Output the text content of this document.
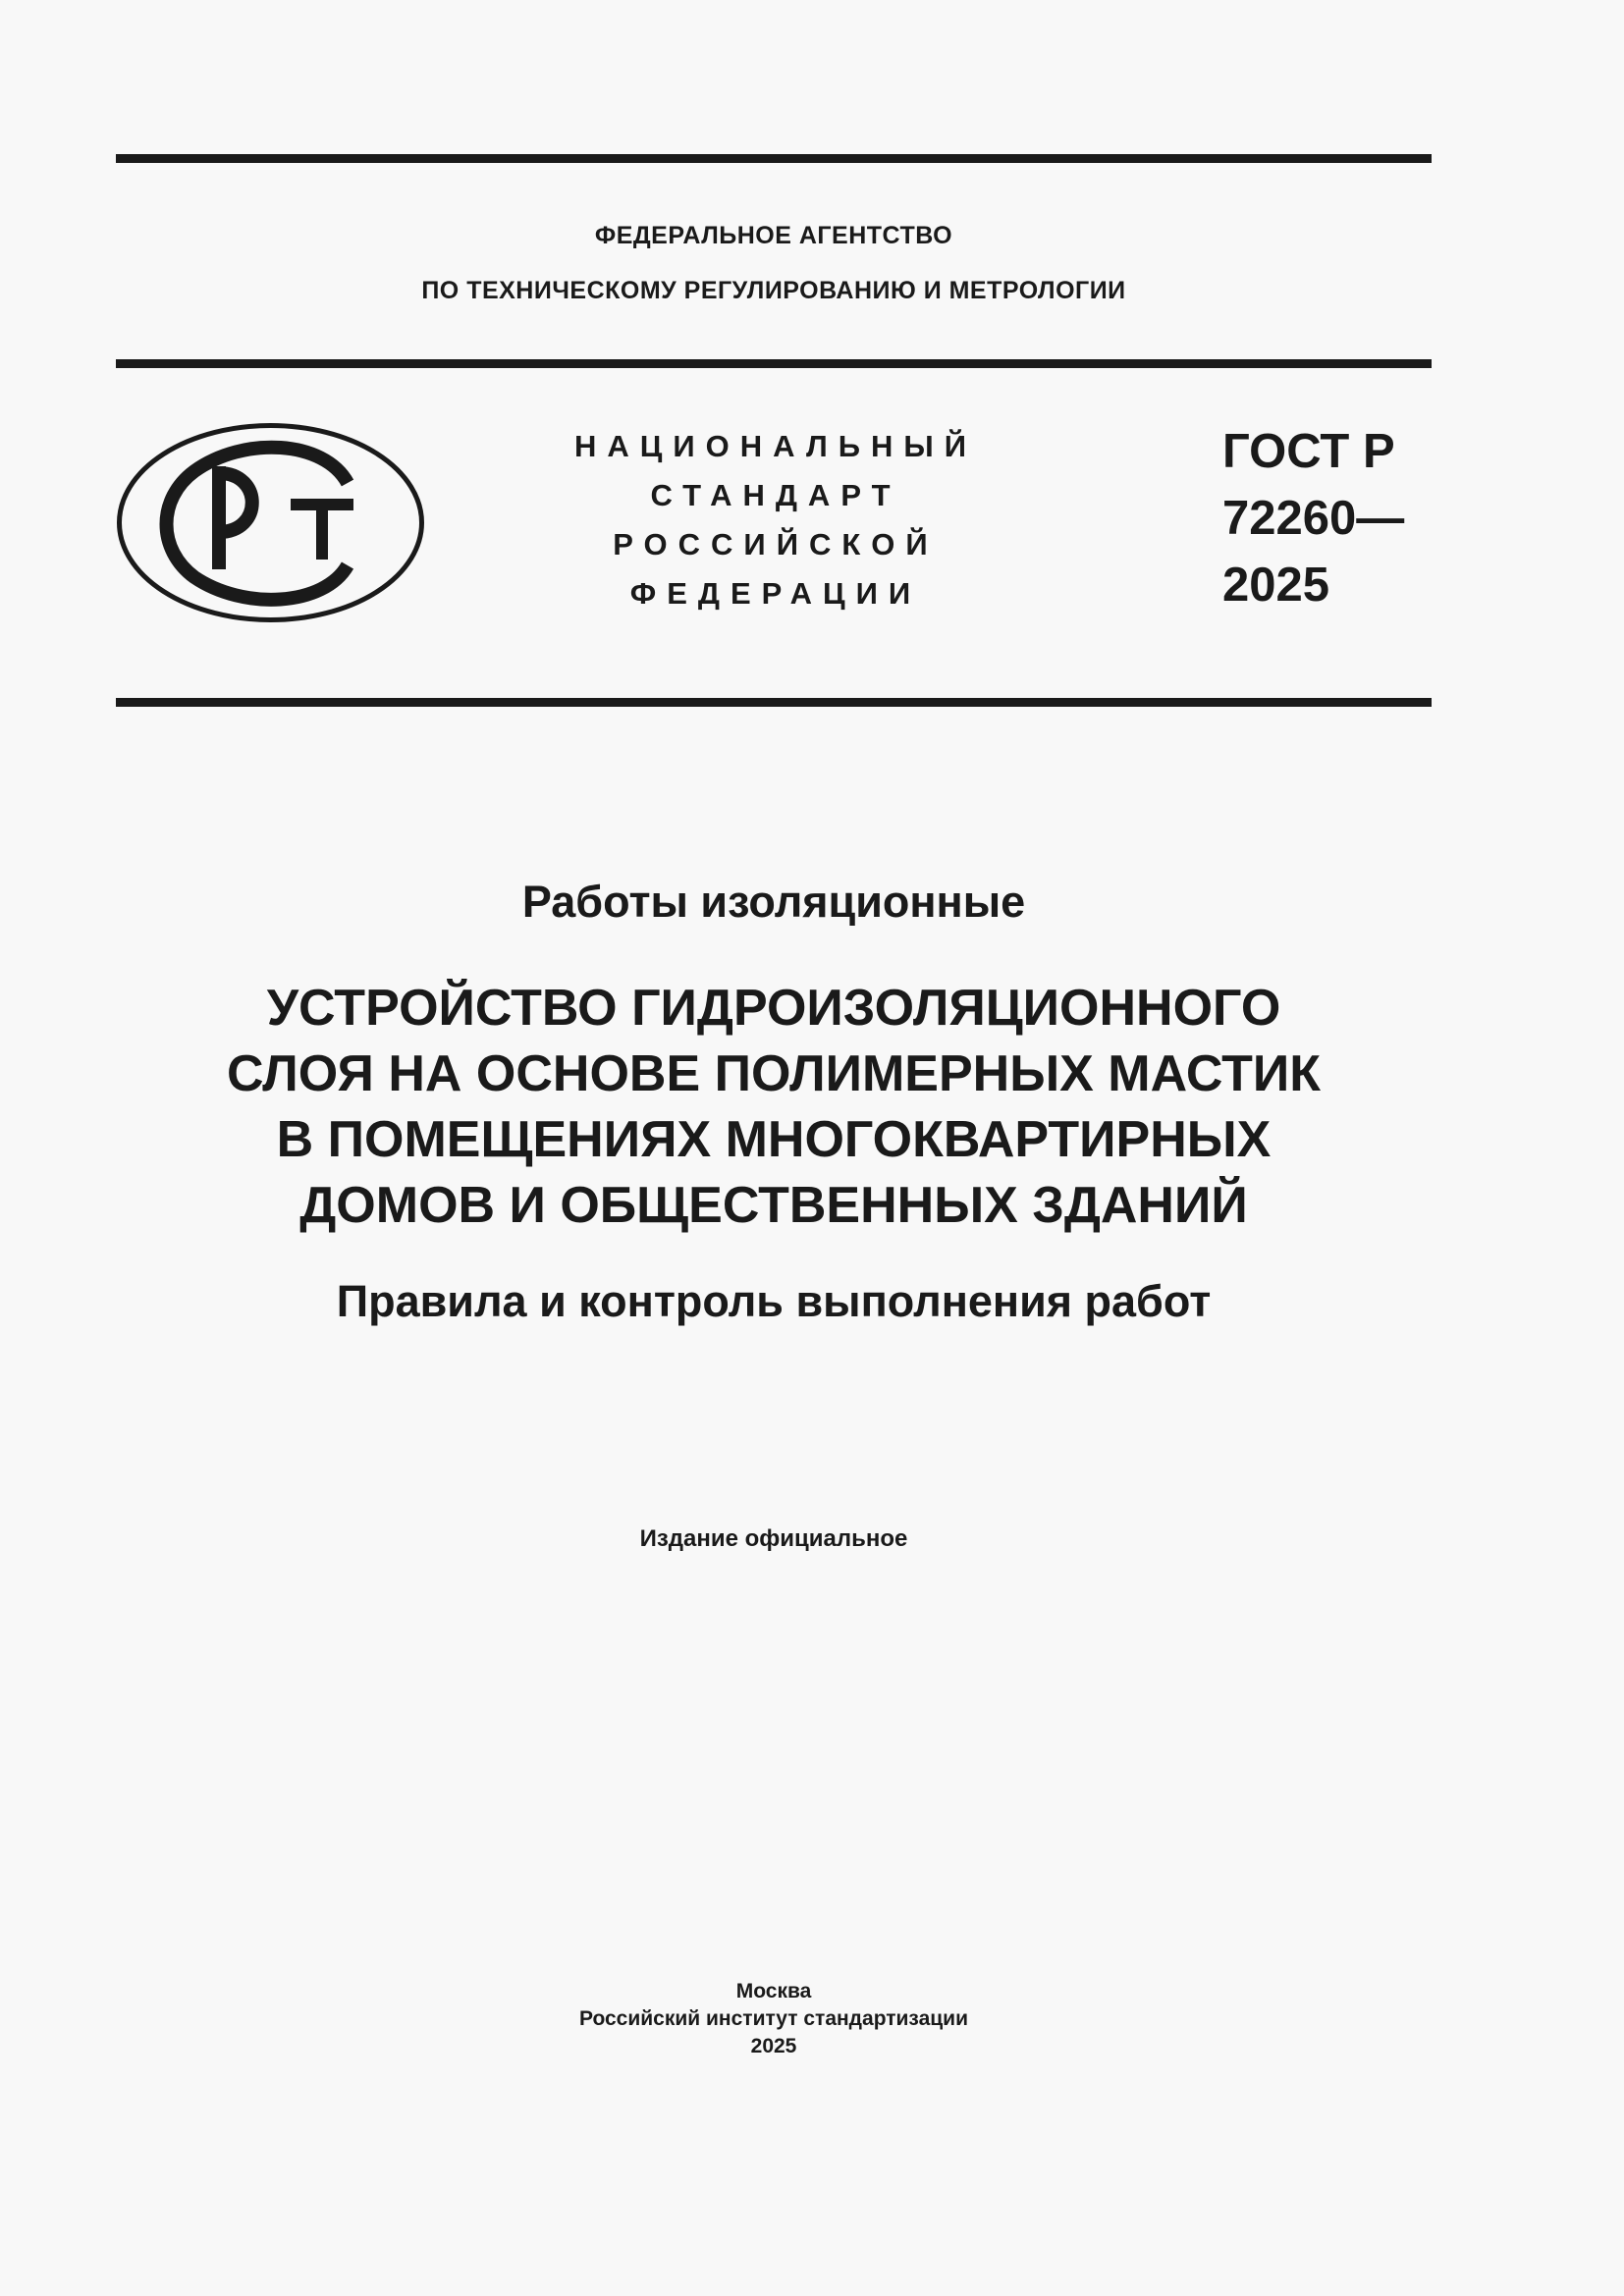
ФЕДЕРАЛЬНОЕ АГЕНТСТВО
ПО ТЕХНИЧЕСКОМУ РЕГУЛИРОВАНИЮ И МЕТРОЛОГИИ
НАЦИОНАЛЬНЫЙ
СТАНДАРТ
РОССИЙСКОЙ
ФЕДЕРАЦИИ
ГОСТ Р
72260—
2025
Работы изоляционные
УСТРОЙСТВО ГИДРОИЗОЛЯЦИОННОГО
СЛОЯ НА ОСНОВЕ ПОЛИМЕРНЫХ МАСТИК
В ПОМЕЩЕНИЯХ МНОГОКВАРТИРНЫХ
ДОМОВ И ОБЩЕСТВЕННЫХ ЗДАНИЙ
Правила и контроль выполнения работ
Издание официальное
Москва
Российский институт стандартизации
2025
